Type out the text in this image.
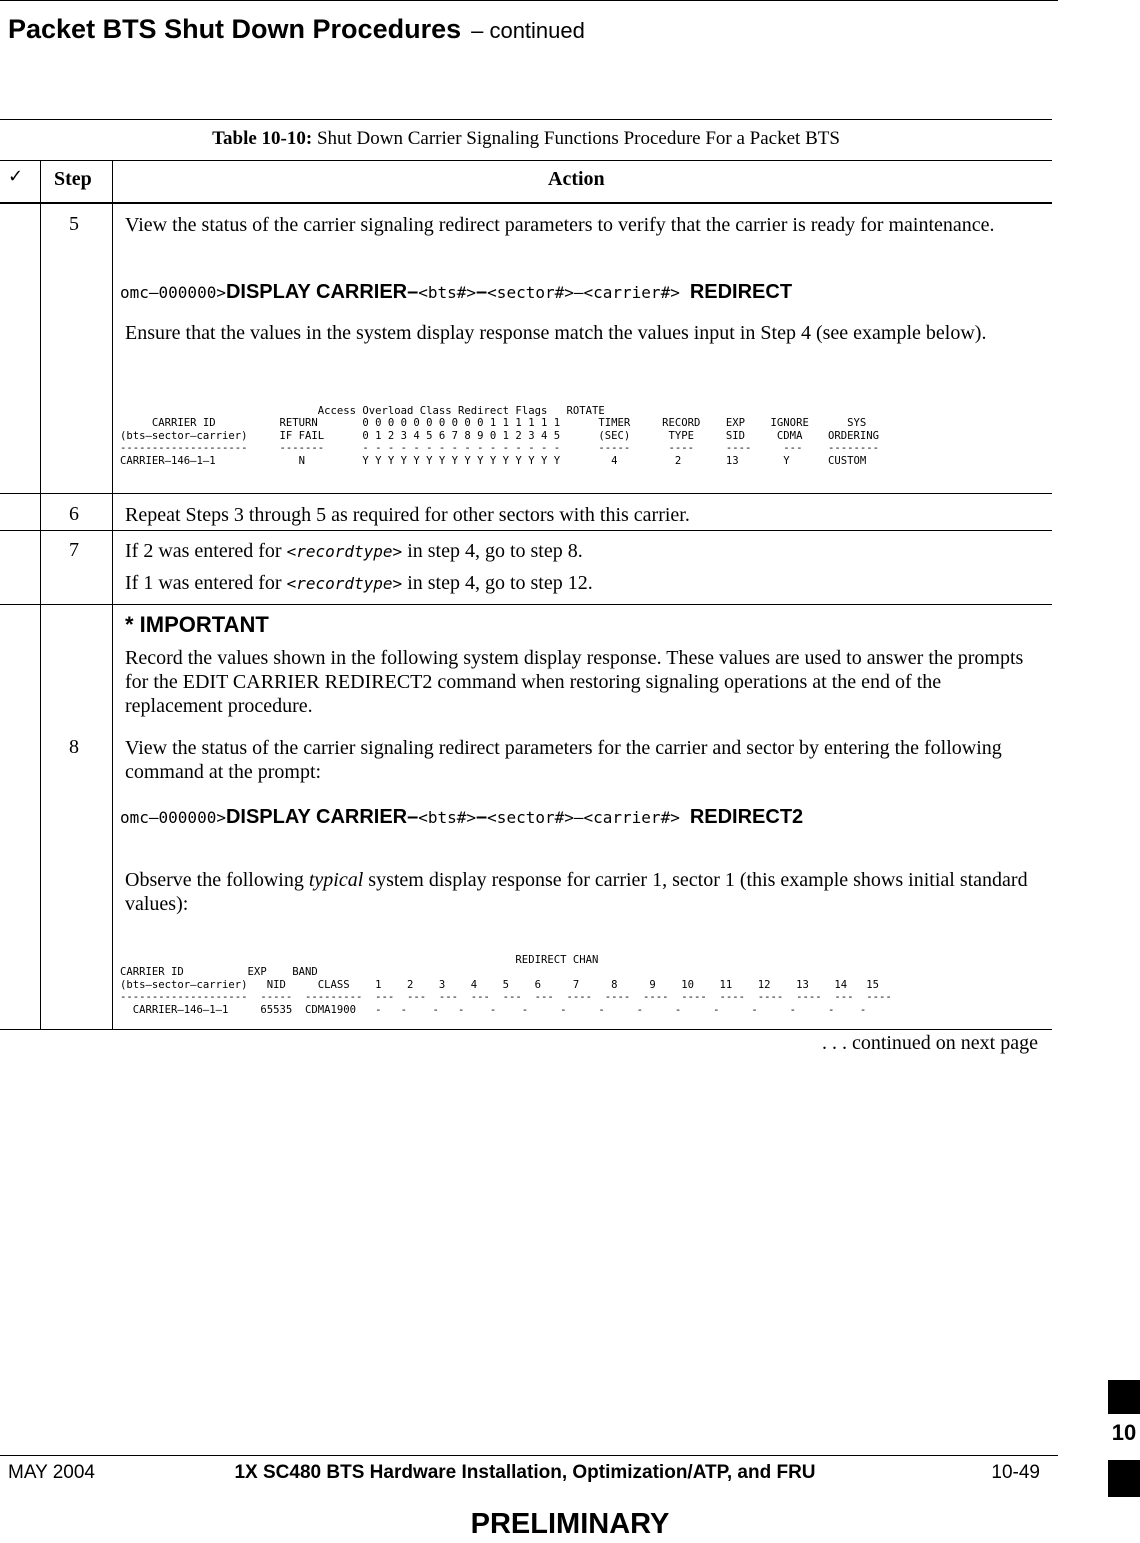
Packet BTS Shut Down Procedures – continued
Table 10-10: Shut Down Carrier Signaling Functions Procedure For a Packet BTS
✓ Step	Action
5	View the status of the carrier signaling redirect parameters to verify that the carrier is ready for maintenance.
omc–000000>DISPLAY CARRIER–<bts#>–<sector#>–<carrier#> REDIRECT
Ensure that the values in the system display response match the values input in Step 4 (see example below).
Access Overload Class Redirect Flags   ROTATE
CARRIER ID          RETURN       0 0 0 0 0 0 0 0 0 0 1 1 1 1 1 1      TIMER     RECORD    EXP    IGNORE      SYS
(bts–sector–carrier)     IF FAIL      0 1 2 3 4 5 6 7 8 9 0 1 2 3 4 5      (SEC)      TYPE     SID     CDMA    ORDERING
--------------------     -------      - - - - - - - - - - - - - - - -      -----      ----     ----     ---    --------
CARRIER–146–1–1             N         Y Y Y Y Y Y Y Y Y Y Y Y Y Y Y Y        4         2       13       Y      CUSTOM
6	Repeat Steps 3 through 5 as required for other sectors with this carrier.
7	If 2 was entered for <recordtype> in step 4, go to step 8.
If 1 was entered for <recordtype> in step 4, go to step 12.
* IMPORTANT
Record the values shown in the following system display response. These values are used to answer the prompts for the EDIT CARRIER REDIRECT2 command when restoring signaling operations at the end of the replacement procedure.
8	View the status of the carrier signaling redirect parameters for the carrier and sector by entering the following command at the prompt:
omc–000000>DISPLAY CARRIER–<bts#>–<sector#>–<carrier#> REDIRECT2
Observe the following typical system display response for carrier 1, sector 1 (this example shows initial standard values):
REDIRECT CHAN
CARRIER ID          EXP    BAND
(bts–sector–carrier)   NID     CLASS    1    2    3    4    5    6     7     8     9    10    11    12    13    14   15
--------------------  -----  ---------  ---  ---  ---  ---  ---  ---  ----  ----  ----  ----  ----  ----  ----  ---  ----
CARRIER–146–1–1     65535  CDMA1900   -   -    -   -    -    -     -     -     -     -     -     -     -     -    -
. . . continued on next page
10
MAY 2004	1X SC480 BTS Hardware Installation, Optimization/ATP, and FRU	10-49
PRELIMINARY
